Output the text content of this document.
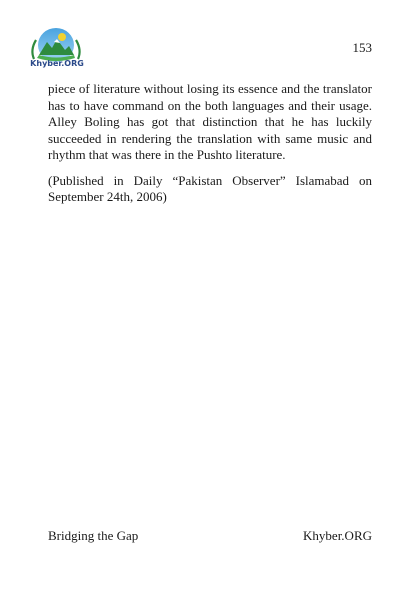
Khyber.ORG
153

piece of literature without losing its essence and the translator has to have command on the both languages and their usage. Alley Boling has got that distinction that he has luckily succeeded in rendering the translation with same music and rhythm that was there in the Pushto literature.

(Published in Daily “Pakistan Observer” Islamabad on September 24th, 2006)

Bridging the Gap	Khyber.ORG
